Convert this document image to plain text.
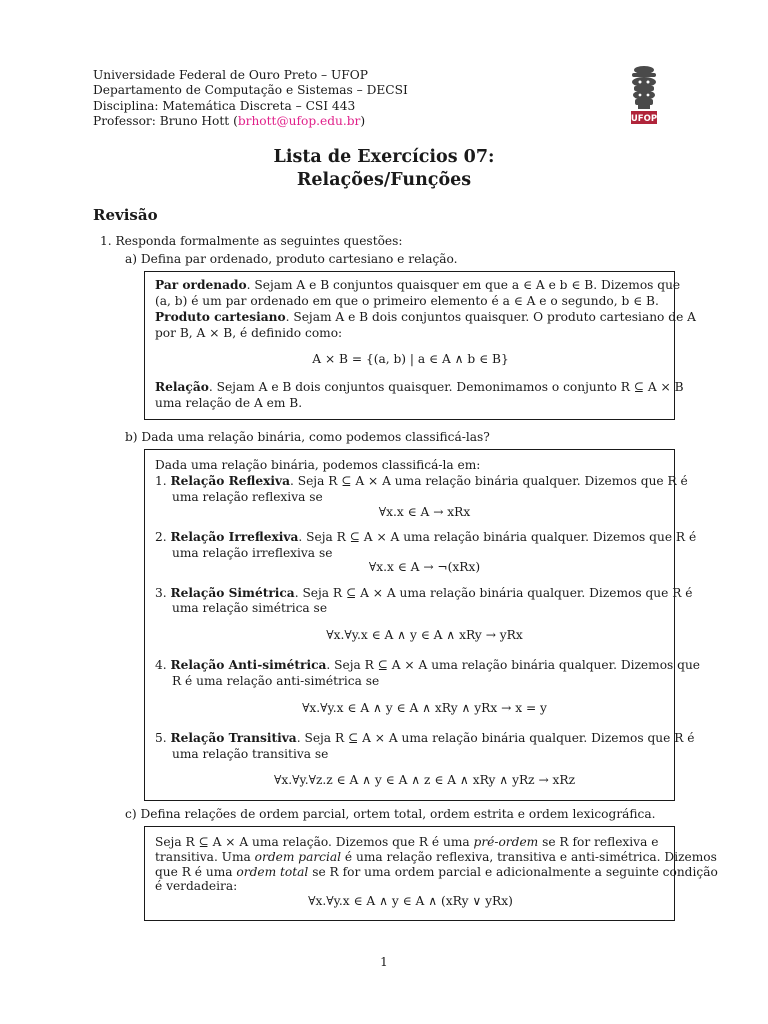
Universidade Federal de Ouro Preto – UFOP
Departamento de Computação e Sistemas – DECSI
Disciplina: Matemática Discreta – CSI 443
Professor: Bruno Hott (brhott@ufop.edu.br)	UFOP
Lista de Exercícios 07:
Relações/Funções
Revisão
1. Responda formalmente as seguintes questões:
a) Defina par ordenado, produto cartesiano e relação.
Par ordenado. Sejam A e B conjuntos quaisquer em que a ∈ A e b ∈ B. Dizemos que
(a, b) é um par ordenado em que o primeiro elemento é a ∈ A e o segundo, b ∈ B.
Produto cartesiano. Sejam A e B dois conjuntos quaisquer. O produto cartesiano de A
por B, A × B, é definido como:
A × B = {(a, b) | a ∈ A ∧ b ∈ B}
Relação. Sejam A e B dois conjuntos quaisquer. Demonimamos o conjunto R ⊆ A × B
uma relação de A em B.
b) Dada uma relação binária, como podemos classificá-las?
Dada uma relação binária, podemos classificá-la em:
1. Relação Reflexiva. Seja R ⊆ A × A uma relação binária qualquer. Dizemos que R é
uma relação reflexiva se
∀x.x ∈ A → xRx
2. Relação Irreflexiva. Seja R ⊆ A × A uma relação binária qualquer. Dizemos que R é
uma relação irreflexiva se
∀x.x ∈ A → ¬(xRx)
3. Relação Simétrica. Seja R ⊆ A × A uma relação binária qualquer. Dizemos que R é
uma relação simétrica se
∀x.∀y.x ∈ A ∧ y ∈ A ∧ xRy → yRx
4. Relação Anti-simétrica. Seja R ⊆ A × A uma relação binária qualquer. Dizemos que
R é uma relação anti-simétrica se
∀x.∀y.x ∈ A ∧ y ∈ A ∧ xRy ∧ yRx → x = y
5. Relação Transitiva. Seja R ⊆ A × A uma relação binária qualquer. Dizemos que R é
uma relação transitiva se
∀x.∀y.∀z.z ∈ A ∧ y ∈ A ∧ z ∈ A ∧ xRy ∧ yRz → xRz
c) Defina relações de ordem parcial, ortem total, ordem estrita e ordem lexicográfica.
Seja R ⊆ A × A uma relação. Dizemos que R é uma pré-ordem se R for reflexiva e
transitiva. Uma ordem parcial é uma relação reflexiva, transitiva e anti-simétrica. Dizemos
que R é uma ordem total se R for uma ordem parcial e adicionalmente a seguinte condição
é verdadeira:
∀x.∀y.x ∈ A ∧ y ∈ A ∧ (xRy ∨ yRx)
1
